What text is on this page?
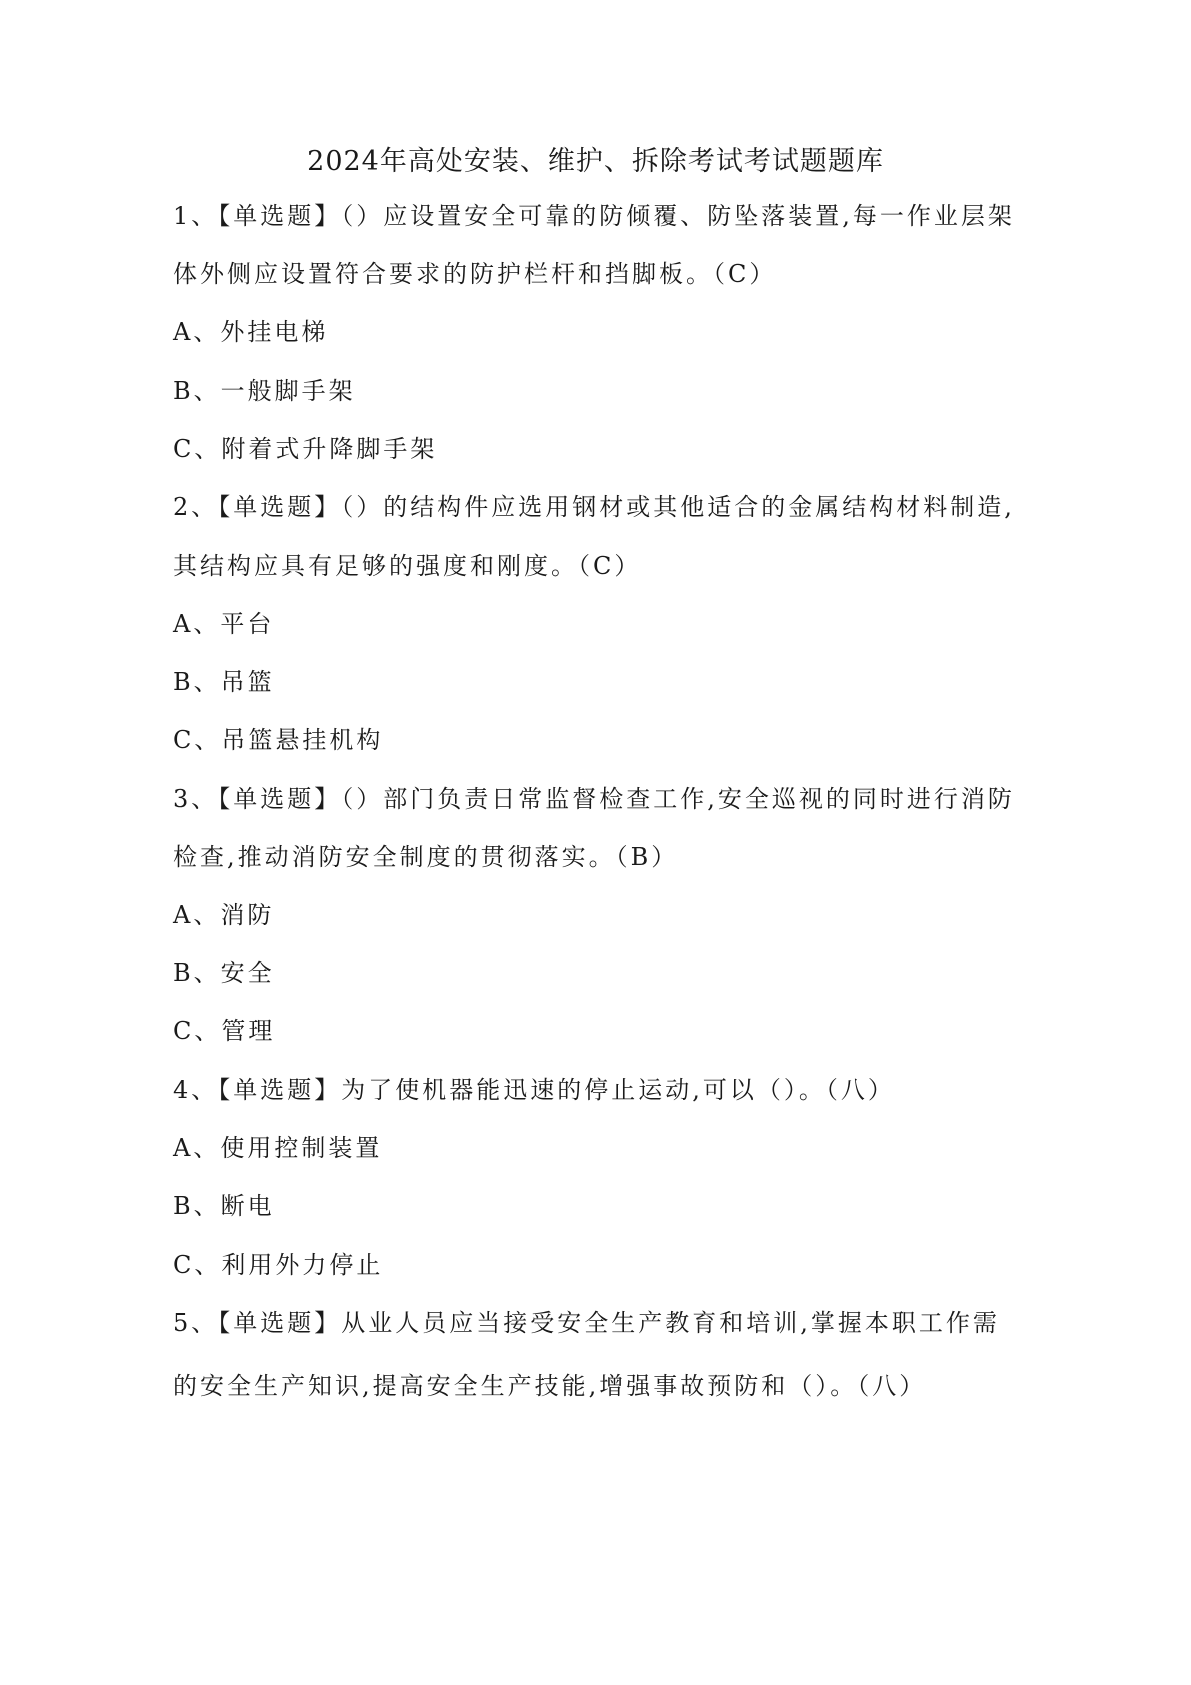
2024年高处安装、维护、拆除考试考试题题库
1、【单选题】（）应设置安全可靠的防倾覆、防坠落装置,每一作业层架
体外侧应设置符合要求的防护栏杆和挡脚板。（C）
A、外挂电梯
B、一般脚手架
C、附着式升降脚手架
2、【单选题】（）的结构件应选用钢材或其他适合的金属结构材料制造,
其结构应具有足够的强度和刚度。（C）
A、平台
B、吊篮
C、吊篮悬挂机构
3、【单选题】（）部门负责日常监督检查工作,安全巡视的同时进行消防
检查,推动消防安全制度的贯彻落实。（B）
A、消防
B、安全
C、管理
4、【单选题】为了使机器能迅速的停止运动,可以（）。（八）
A、使用控制装置
B、断电
C、利用外力停止
5、【单选题】从业人员应当接受安全生产教育和培训,掌握本职工作需
的安全生产知识,提高安全生产技能,增强事故预防和（）。（八）
